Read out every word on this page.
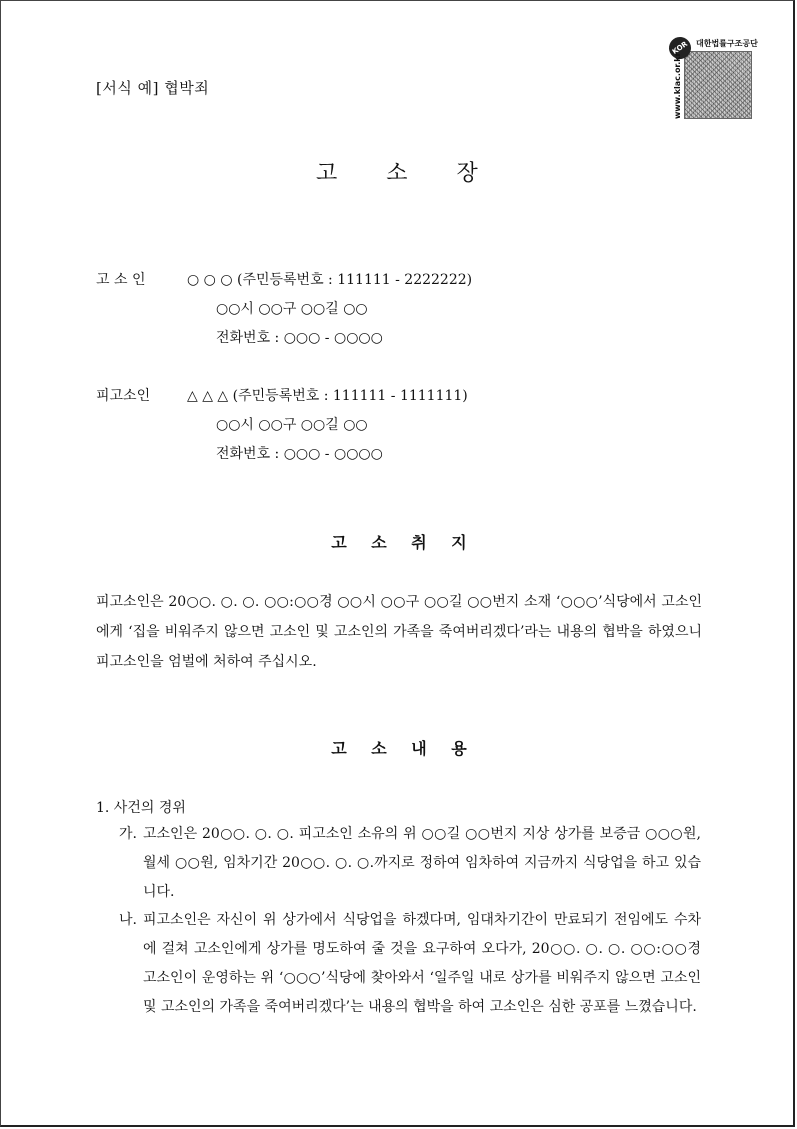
[서식 예] 협박죄
KOR 대한법률구조공단
www.klac.or.kr
고 소 장
고 소 인	○ ○ ○ (주민등록번호 : 111111 - 2222222)
○○시 ○○구 ○○길 ○○
전화번호 : ○○○ - ○○○○
피고소인	△ △ △ (주민등록번호 : 111111 - 1111111)
○○시 ○○구 ○○길 ○○
전화번호 : ○○○ - ○○○○
고 소 취 지
피고소인은 20○○. ○. ○. ○○:○○경 ○○시 ○○구 ○○길 ○○번지 소재 ‘○○○’식당에서 고소인에게 ‘집을 비워주지 않으면 고소인 및 고소인의 가족을 죽여버리겠다’라는 내용의 협박을 하였으니 피고소인을 엄벌에 처하여 주십시오.
고 소 내 용
1. 사건의 경위
가. 고소인은 20○○. ○. ○. 피고소인 소유의 위 ○○길 ○○번지 지상 상가를 보증금 ○○○원, 월세 ○○원, 임차기간 20○○. ○. ○.까지로 정하여 임차하여 지금까지 식당업을 하고 있습니다.
나. 피고소인은 자신이 위 상가에서 식당업을 하겠다며, 임대차기간이 만료되기 전임에도 수차에 걸쳐 고소인에게 상가를 명도하여 줄 것을 요구하여 오다가, 20○○. ○. ○. ○○:○○경 고소인이 운영하는 위 ‘○○○’식당에 찾아와서 ‘일주일 내로 상가를 비워주지 않으면 고소인 및 고소인의 가족을 죽여버리겠다’는 내용의 협박을 하여 고소인은 심한 공포를 느꼈습니다.
